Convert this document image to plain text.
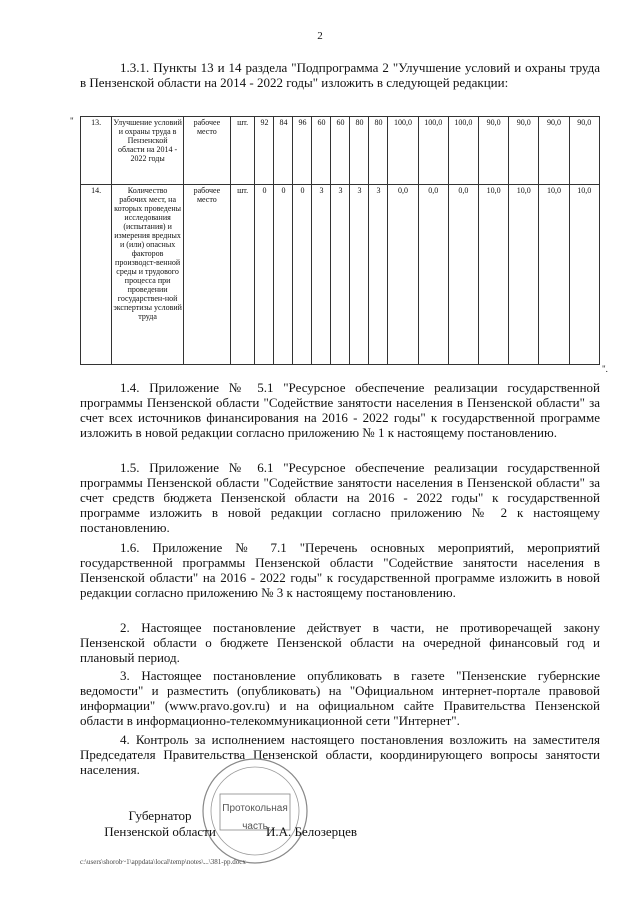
2

1.3.1. Пункты 13 и 14 раздела "Подпрограмма 2 "Улучшение условий и охраны труда в Пензенской области на 2014 - 2022 годы" изложить в следующей редакции:

" 13.	Улучшение условий и охраны труда в Пензенской области на 2014 - 2022 годы	рабочее место	шт.	92	84	96	60	60	80	80	100,0	100,0	100,0	90,0	90,0	90,0	90,0
14.	Количество рабочих мест, на которых проведены исследования (испытания) и измерения вредных и (или) опасных факторов производст-венной среды и трудового процесса при проведении государствен-ной экспертизы условий труда	рабочее место	шт.	0	0	0	3	3	3	3	0,0	0,0	0,0	10,0	10,0	10,0	10,0
".

1.4. Приложение № 5.1 "Ресурсное обеспечение реализации государственной программы Пензенской области "Содействие занятости населения в Пензенской области" за счет всех источников финансирования на 2016 - 2022 годы" к государственной программе изложить в новой редакции согласно приложению № 1 к настоящему постановлению.

1.5. Приложение № 6.1 "Ресурсное обеспечение реализации государственной программы Пензенской области "Содействие занятости населения в Пензенской области" за счет средств бюджета Пензенской области на 2016 - 2022 годы" к государственной программе изложить в новой редакции согласно приложению № 2 к настоящему постановлению.

1.6. Приложение № 7.1 "Перечень основных мероприятий, мероприятий государственной программы Пензенской области "Содействие занятости населения в Пензенской области" на 2016 - 2022 годы" к государственной программе изложить в новой редакции согласно приложению № 3 к настоящему постановлению.

2. Настоящее постановление действует в части, не противоречащей закону Пензенской области о бюджете Пензенской области на очередной финансовый год и плановый период.

3. Настоящее постановление опубликовать в газете "Пензенские губернские ведомости" и разместить (опубликовать) на "Официальном интернет-портале правовой информации" (www.pravo.gov.ru) и на официальном сайте Правительства Пензенской области в информационно-телекоммуникационной сети "Интернет".

4. Контроль за исполнением настоящего постановления возложить на заместителя Председателя Правительства Пензенской области, координирующего вопросы занятости населения.

Протокольная
часть
Губернатор
Пензенской области	И.А. Белозерцев
c:\users\shorob~1\appdata\local\temp\notes\...\381-pp.docx
